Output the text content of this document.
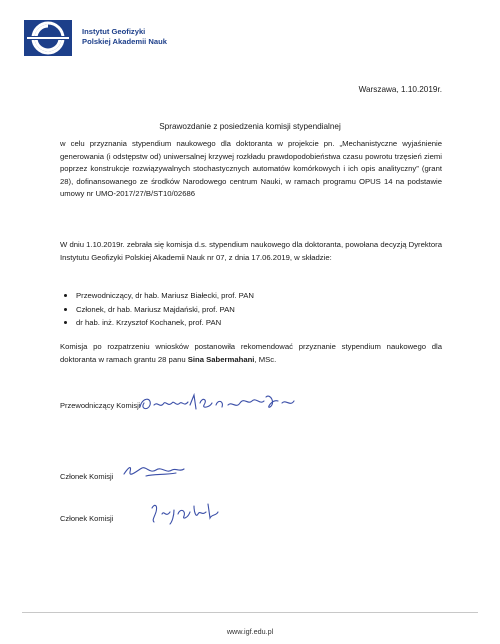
Instytut Geofizyki
Polskiej Akademii Nauk
Warszawa, 1.10.2019r.
Sprawozdanie z posiedzenia komisji stypendialnej

w celu przyznania stypendium naukowego dla doktoranta w projekcie pn. „Mechanistyczne wyjaśnienie generowania (i odstępstw od) uniwersalnej krzywej rozkładu prawdopodobieństwa czasu powrotu trzęsień ziemi poprzez konstrukcje rozwiązywalnych stochastycznych automatów komórkowych i ich opis analityczny” (grant 28), dofinansowanego ze środków Narodowego centrum Nauki, w ramach programu OPUS 14 na podstawie umowy nr UMO-2017/27/B/ST10/02686

W dniu 1.10.2019r. zebrała się komisja d.s. stypendium naukowego dla doktoranta, powołana decyzją Dyrektora Instytutu Geofizyki Polskiej Akademii Nauk nr 07, z dnia 17.06.2019, w składzie:

Przewodniczący, dr hab. Mariusz Białecki, prof. PAN
Członek, dr hab. Mariusz Majdański, prof. PAN
dr hab. inż. Krzysztof Kochanek, prof. PAN

Komisja po rozpatrzeniu wniosków postanowiła rekomendować przyznanie stypendium naukowego dla doktoranta w ramach grantu 28 panu Sina Sabermahani, MSc.

Przewodniczący Komisji
Członek Komisji
Członek Komisji
www.igf.edu.pl
